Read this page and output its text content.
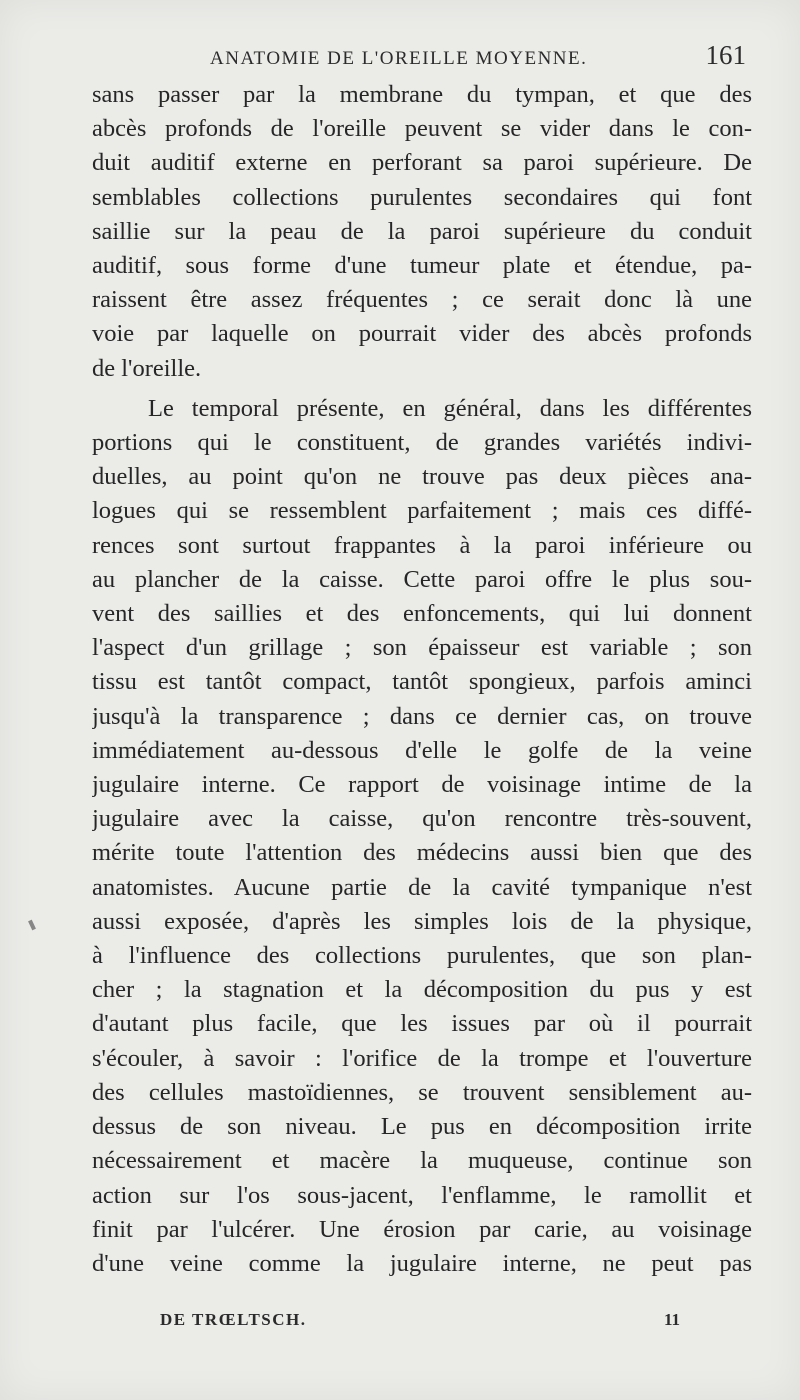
ANATOMIE DE L'OREILLE MOYENNE.	161
sans passer par la membrane du tympan, et que des
abcès profonds de l'oreille peuvent se vider dans le con-
duit auditif externe en perforant sa paroi supérieure. De
semblables collections purulentes secondaires qui font
saillie sur la peau de la paroi supérieure du conduit
auditif, sous forme d'une tumeur plate et étendue, pa-
raissent être assez fréquentes ; ce serait donc là une
voie par laquelle on pourrait vider des abcès profonds
de l'oreille.
Le temporal présente, en général, dans les différentes
portions qui le constituent, de grandes variétés indivi-
duelles, au point qu'on ne trouve pas deux pièces ana-
logues qui se ressemblent parfaitement ; mais ces diffé-
rences sont surtout frappantes à la paroi inférieure ou
au plancher de la caisse. Cette paroi offre le plus sou-
vent des saillies et des enfoncements, qui lui donnent
l'aspect d'un grillage ; son épaisseur est variable ; son
tissu est tantôt compact, tantôt spongieux, parfois aminci
jusqu'à la transparence ; dans ce dernier cas, on trouve
immédiatement au-dessous d'elle le golfe de la veine
jugulaire interne. Ce rapport de voisinage intime de la
jugulaire avec la caisse, qu'on rencontre très-souvent,
mérite toute l'attention des médecins aussi bien que des
anatomistes. Aucune partie de la cavité tympanique n'est
aussi exposée, d'après les simples lois de la physique,
à l'influence des collections purulentes, que son plan-
cher ; la stagnation et la décomposition du pus y est
d'autant plus facile, que les issues par où il pourrait
s'écouler, à savoir : l'orifice de la trompe et l'ouverture
des cellules mastoïdiennes, se trouvent sensiblement au-
dessus de son niveau. Le pus en décomposition irrite
nécessairement et macère la muqueuse, continue son
action sur l'os sous-jacent, l'enflamme, le ramollit et
finit par l'ulcérer. Une érosion par carie, au voisinage
d'une veine comme la jugulaire interne, ne peut pas
DE TRŒLTSCH.	11
